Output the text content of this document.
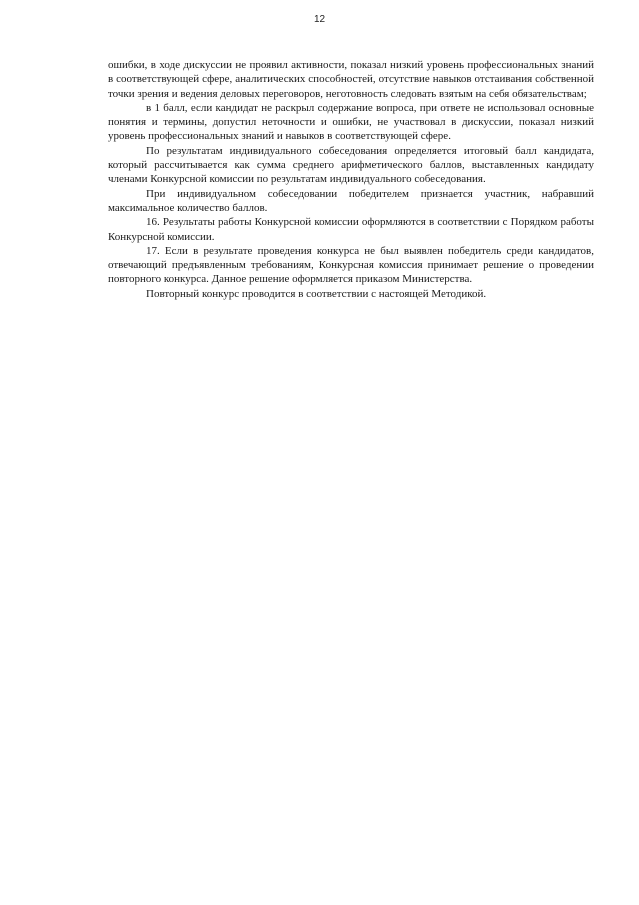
12

ошибки, в ходе дискуссии не проявил активности, показал низкий уровень профессиональных знаний в соответствующей сфере, аналитических способностей, отсутствие навыков отстаивания собственной точки зрения и ведения деловых переговоров, неготовность следовать взятым на себя обязательствам;

в 1 балл, если кандидат не раскрыл содержание вопроса, при ответе не использовал основные понятия и термины, допустил неточности и ошибки, не участвовал в дискуссии, показал низкий уровень профессиональных знаний и навыков в соответствующей сфере.

По результатам индивидуального собеседования определяется итоговый балл кандидата, который рассчитывается как сумма среднего арифметического баллов, выставленных кандидату членами Конкурсной комиссии по результатам индивидуального собеседования.

При индивидуальном собеседовании победителем признается участник, набравший максимальное количество баллов.

16. Результаты работы Конкурсной комиссии оформляются в соответствии с Порядком работы Конкурсной комиссии.

17. Если в результате проведения конкурса не был выявлен победитель среди кандидатов, отвечающий предъявленным требованиям, Конкурсная комиссия принимает решение о проведении повторного конкурса. Данное решение оформляется приказом Министерства.

Повторный конкурс проводится в соответствии с настоящей Методикой.
